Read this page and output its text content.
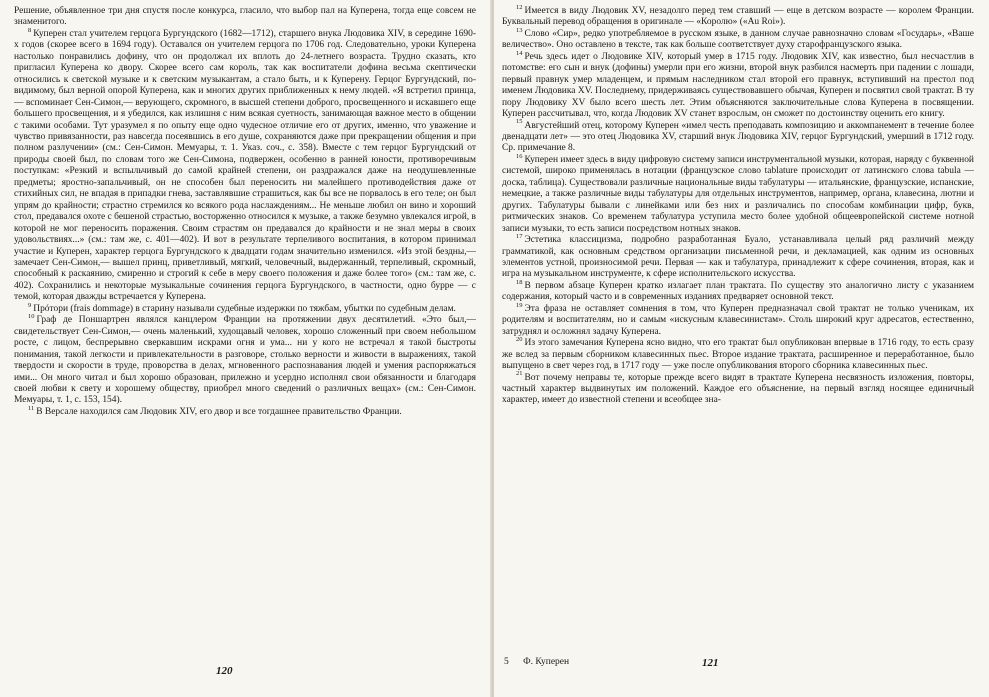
Решение, объявленное три дня спустя после конкурса, гласило, что выбор пал на Куперена, тогда еще совсем не знаменитого.

$^8$ Куперен стал учителем герцога Бургундского (1682—1712), старшего внука Людовика XIV, в середине 1690-х годов (скорее всего в 1694 году). Оставался он учителем герцога по 1706 год. Следовательно, уроки Куперена настолько понравились дофину, что он продолжал их вплоть до 24-летнего возраста. Трудно сказать, кто пригласил Куперена ко двору. Скорее всего сам король, так как воспитатели дофина весьма скептически относились к светской музыке и к светским музыкантам, а стало быть, и к Куперену. Герцог Бургундский, по-видимому, был верной опорой Куперена, как и многих других приближенных к нему людей. «Я встретил принца,— вспоминает Сен-Симон,— верующего, скромного, в высшей степени доброго, просвещенного и искавшего еще большего просвещения, и я убедился, как излишня с ним всякая суетность, занимающая важное место в общении с такими особами. Тут уразумел я по опыту еще одно чудесное отличие его от других, именно, что уважение и чувство привязанности, раз навсегда посеявшись в его душе, сохраняются даже при прекращении общения и при полном разлучении» (см.: Сен-Симон. Мемуары, т. 1. Указ. соч., с. 358). Вместе с тем герцог Бургундский от природы своей был, по словам того же Сен-Симона, подвержен, особенно в ранней юности, противоречивым поступкам: «Резкий и вспыльчивый до самой крайней степени, он раздражался даже на неодушевленные предметы; яростно-запальчивый, он не способен был переносить ни малейшего противодействия даже от стихийных сил, не впадая в припадки гнева, заставлявшие страшиться, как бы все не порвалось в его теле; он был упрям до крайности; страстно стремился ко всякого рода наслаждениям... Не меньше любил он вино и хороший стол, предавался охоте с бешеной страстью, восторженно относился к музыке, а также безумно увлекался игрой, в которой не мог переносить поражения. Своим страстям он предавался до крайности и не знал меры в своих удовольствиях...» (см.: там же, с. 401—402). И вот в результате терпеливого воспитания, в котором принимал участие и Куперен, характер герцога Бургундского к двадцати годам значительно изменился. «Из этой бездны,— замечает Сен-Симон,— вышел принц, приветливый, мягкий, человечный, выдержанный, терпеливый, скромный, способный к раскаянию, смиренно и строгий к себе в меру своего положения и даже более того» (см.: там же, с. 402). Сохранились и некоторые музыкальные сочинения герцога Бургундского, в частности, одно бурре — с темой, которая дважды встречается у Куперена.

$^9$ Прóтори (frais dommage) в старину называли судебные издержки по тяжбам, убытки по судебным делам.

$^{10}$ Граф де Поншартрен являлся канцлером Франции на протяжении двух десятилетий. «Это был,— свидетельствует Сен-Симон,— очень маленький, худощавый человек, хорошо сложенный при своем небольшом росте, с лицом, беспрерывно сверкавшим искрами огня и ума... ни у кого не встречал я такой быстроты понимания, такой легкости и привлекательности в разговоре, столько верности и живости в выражениях, такой твердости и скорости в труде, проворства в делах, мгновенного распознавания людей и умения распоряжаться ими... Он много читал и был хорошо образован, прилежно и усердно исполнял свои обязанности и благодаря своей любви к свету и хорошему обществу, приобрел много сведений о различных вещах» (см.: Сен-Симон. Мемуары, т. 1, с. 153, 154).

$^{11}$ В Версале находился сам Людовик XIV, его двор и все тогдашнее правительство Франции.

120

$^{12}$ Имеется в виду Людовик XV, незадолго перед тем ставший — еще в детском возрасте — королем Франции. Буквальный перевод обращения в оригинале — «Королю» («Au Roi»).

$^{13}$ Слово «Сир», редко употребляемое в русском языке, в данном случае равнозначно словам «Государь», «Ваше величество». Оно оставлено в тексте, так как больше соответствует духу старофранцузского языка.

$^{14}$ Речь здесь идет о Людовике XIV, который умер в 1715 году. Людовик XIV, как известно, был несчастлив в потомстве: его сын и внук (дофины) умерли при его жизни, второй внук разбился насмерть при падении с лошади, первый правнук умер младенцем, и прямым наследником стал второй его правнук, вступивший на престол под именем Людовика XV. Последнему, придерживаясь существовавшего обычая, Куперен и посвятил свой трактат. В ту пору Людовику XV было всего шесть лет. Этим объясняются заключительные слова Куперена в посвящении. Куперен рассчитывал, что, когда Людовик XV станет взрослым, он сможет по достоинству оценить его книгу.

$^{15}$ Августейший отец, которому Куперен «имел честь преподавать композицию и аккомпанемент в течение более двенадцати лет» — это отец Людовика XV, старший внук Людовика XIV, герцог Бургундский, умерший в 1712 году. Ср. примечание 8.

$^{16}$ Куперен имеет здесь в виду цифровую систему записи инструментальной музыки, которая, наряду с буквенной системой, широко применялась в нотации (французское слово tablature происходит от латинского слова tabula — доска, таблица). Существовали различные национальные виды табулатуры — итальянские, французские, испанские, немецкие, а также различные виды табулатуры для отдельных инструментов, например, органа, клавесина, лютни и других. Табулатуры бывали с линейками или без них и различались по способам комбинации цифр, букв, ритмических знаков. Со временем табулатура уступила место более удобной общеевропейской системе нотной записи музыки, то есть записи посредством нотных знаков.

$^{17}$ Эстетика классицизма, подробно разработанная Буало, устанавливала целый ряд различий между грамматикой, как основным средством организации письменной речи, и декламацией, как одним из основных элементов устной, произносимой речи. Первая — как и табулатура, принадлежит к сфере сочинения, вторая, как и игра на музыкальном инструменте, к сфере исполнительского искусства.

$^{18}$ В первом абзаце Куперен кратко излагает план трактата. По существу это аналогично листу с указанием содержания, который часто и в современных изданиях предваряет основной текст.

$^{19}$ Эта фраза не оставляет сомнения в том, что Куперен предназначал свой трактат не только ученикам, их родителям и воспитателям, но и самым «искусным клавесинистам». Столь широкий круг адресатов, естественно, затруднял и осложнял задачу Куперена.

$^{20}$ Из этого замечания Куперена ясно видно, что его трактат был опубликован впервые в 1716 году, то есть сразу же вслед за первым сборником клавесинных пьес. Второе издание трактата, расширенное и переработанное, было выпущено в свет через год, в 1717 году — уже после опубликования второго сборника клавесинных пьес.

$^{21}$ Вот почему неправы те, которые прежде всего видят в трактате Куперена несвязность изложения, повторы, частный характер выдвинутых им положений. Каждое его объяснение, на первый взгляд носящее единичный характер, имеет до известной степени и всеобщее зна-

5 Ф. Куперен	121
